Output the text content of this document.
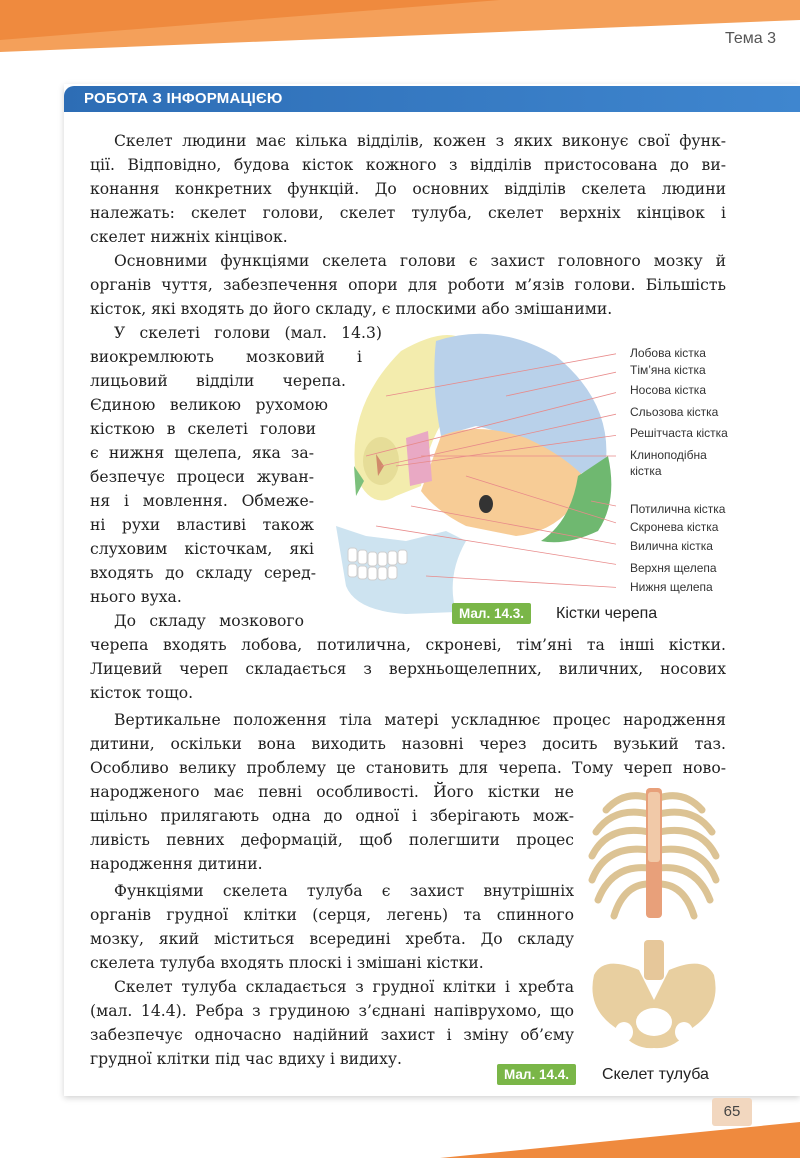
Тема 3
РОБОТА З ІНФОРМАЦІЄЮ

Скелет людини має кілька відділів, кожен з яких виконує свої функ-

ції. Відповідно, будова кісток кожного з відділів пристосована до ви-

конання конкретних функцій. До основних відділів скелета людини

належать: скелет голови, скелет тулуба, скелет верхніх кінцівок і

скелет нижніх кінцівок.

Основними функціями скелета голови є захист головного мозку й

органів чуття, забезпечення опори для роботи м’язів голови. Більшість

кісток, які входять до його складу, є плоскими або змішаними.

У скелеті голови (мал. 14.3)

виокремлюють мозковий і

лицьовий відділи черепа.

Єдиною великою рухомою

кісткою в скелеті голови

є нижня щелепа, яка за-

безпечує процеси жуван-

ня і мовлення. Обмеже-

ні рухи властиві також

слуховим кісточкам, які

входять до складу серед-

нього вуха.

До складу мозкового

черепа входять лобова, потилична, скроневі, тім’яні та інші кістки.

Лицевий череп складається з верхньощелепних, виличних, носових

кісток тощо.

Вертикальне положення тіла матері ускладнює процес народження

дитини, оскільки вона виходить назовні через досить вузький таз.

Особливо велику проблему це становить для черепа. Тому череп ново-

народженого має певні особливості. Його кістки не

щільно прилягають одна до одної і зберігають мож-

ливість певних деформацій, щоб полегшити процес

народження дитини.

Функціями скелета тулуба є захист внутрішніх

органів грудної клітки (серця, легень) та спинного

мозку, який міститься всередині хребта. До складу

скелета тулуба входять плоскі і змішані кістки.

Скелет тулуба складається з грудної клітки і хребта

(мал. 14.4). Ребра з грудиною з’єднані напіврухомо, що

забезпечує одночасно надійний захист і зміну об’єму

грудної клітки під час вдиху і видиху.

Лобова кістка
Тім’яна кістка
Носова кістка
Сльозова кістка
Решітчаста кістка
Клиноподібна
кістка
Потилична кістка
Скронева кістка
Вилична кістка
Верхня щелепа
Нижня щелепа
Мал. 14.3.	Кістки черепа
Мал. 14.4.	Скелет тулуба
65
